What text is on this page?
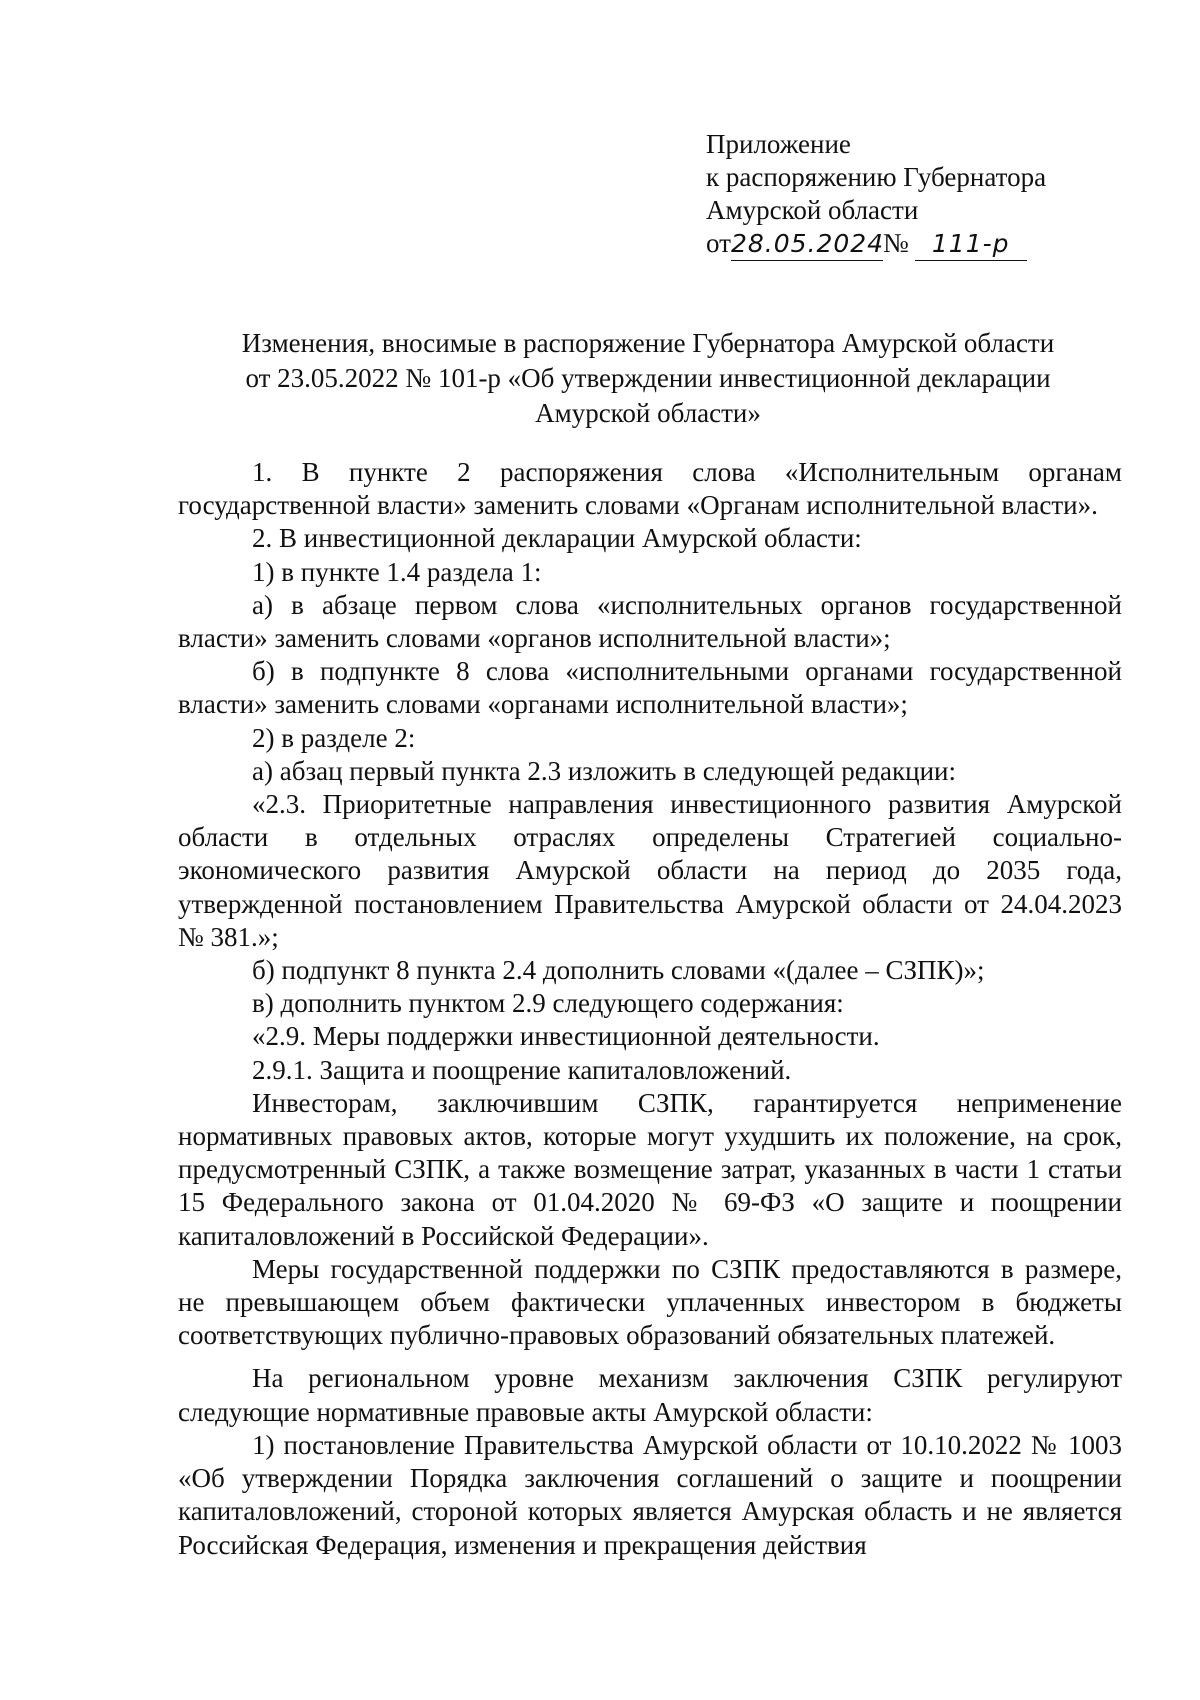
Приложение
к распоряжению Губернатора
Амурской области
от 28.05.2024
№ 111-р
Изменения, вносимые в распоряжение Губернатора Амурской области
от 23.05.2022 № 101-р «Об утверждении инвестиционной декларации
Амурской области»

1. В пункте 2 распоряжения слова «Исполнительным органам государственной власти» заменить словами «Органам исполнительной власти».

2. В инвестиционной декларации Амурской области:

1) в пункте 1.4 раздела 1:

а) в абзаце первом слова «исполнительных органов государственной власти» заменить словами «органов исполнительной власти»;

б) в подпункте 8 слова «исполнительными органами государственной власти» заменить словами «органами исполнительной власти»;

2) в разделе 2:

а) абзац первый пункта 2.3 изложить в следующей редакции:

«2.3. Приоритетные направления инвестиционного развития Амурской области в отдельных отраслях определены Стратегией социально-экономического развития Амурской области на период до 2035 года, утвержденной постановлением Правительства Амурской области от 24.04.2023 № 381.»;

б) подпункт 8 пункта 2.4 дополнить словами «(далее – СЗПК)»;

в) дополнить пунктом 2.9 следующего содержания:

«2.9. Меры поддержки инвестиционной деятельности.

2.9.1. Защита и поощрение капиталовложений.

Инвесторам, заключившим СЗПК, гарантируется неприменение нормативных правовых актов, которые могут ухудшить их положение, на срок, предусмотренный СЗПК, а также возмещение затрат, указанных в части 1 статьи 15 Федерального закона от 01.04.2020 № 69-ФЗ «О защите и поощрении капиталовложений в Российской Федерации».

Меры государственной поддержки по СЗПК предоставляются в размере, не превышающем объем фактически уплаченных инвестором в бюджеты соответствующих публично-правовых образований обязательных платежей.

На региональном уровне механизм заключения СЗПК регулируют следующие нормативные правовые акты Амурской области:

1) постановление Правительства Амурской области от 10.10.2022 № 1003 «Об утверждении Порядка заключения соглашений о защите и поощрении капиталовложений, стороной которых является Амурская область и не является Российская Федерация, изменения и прекращения действия
